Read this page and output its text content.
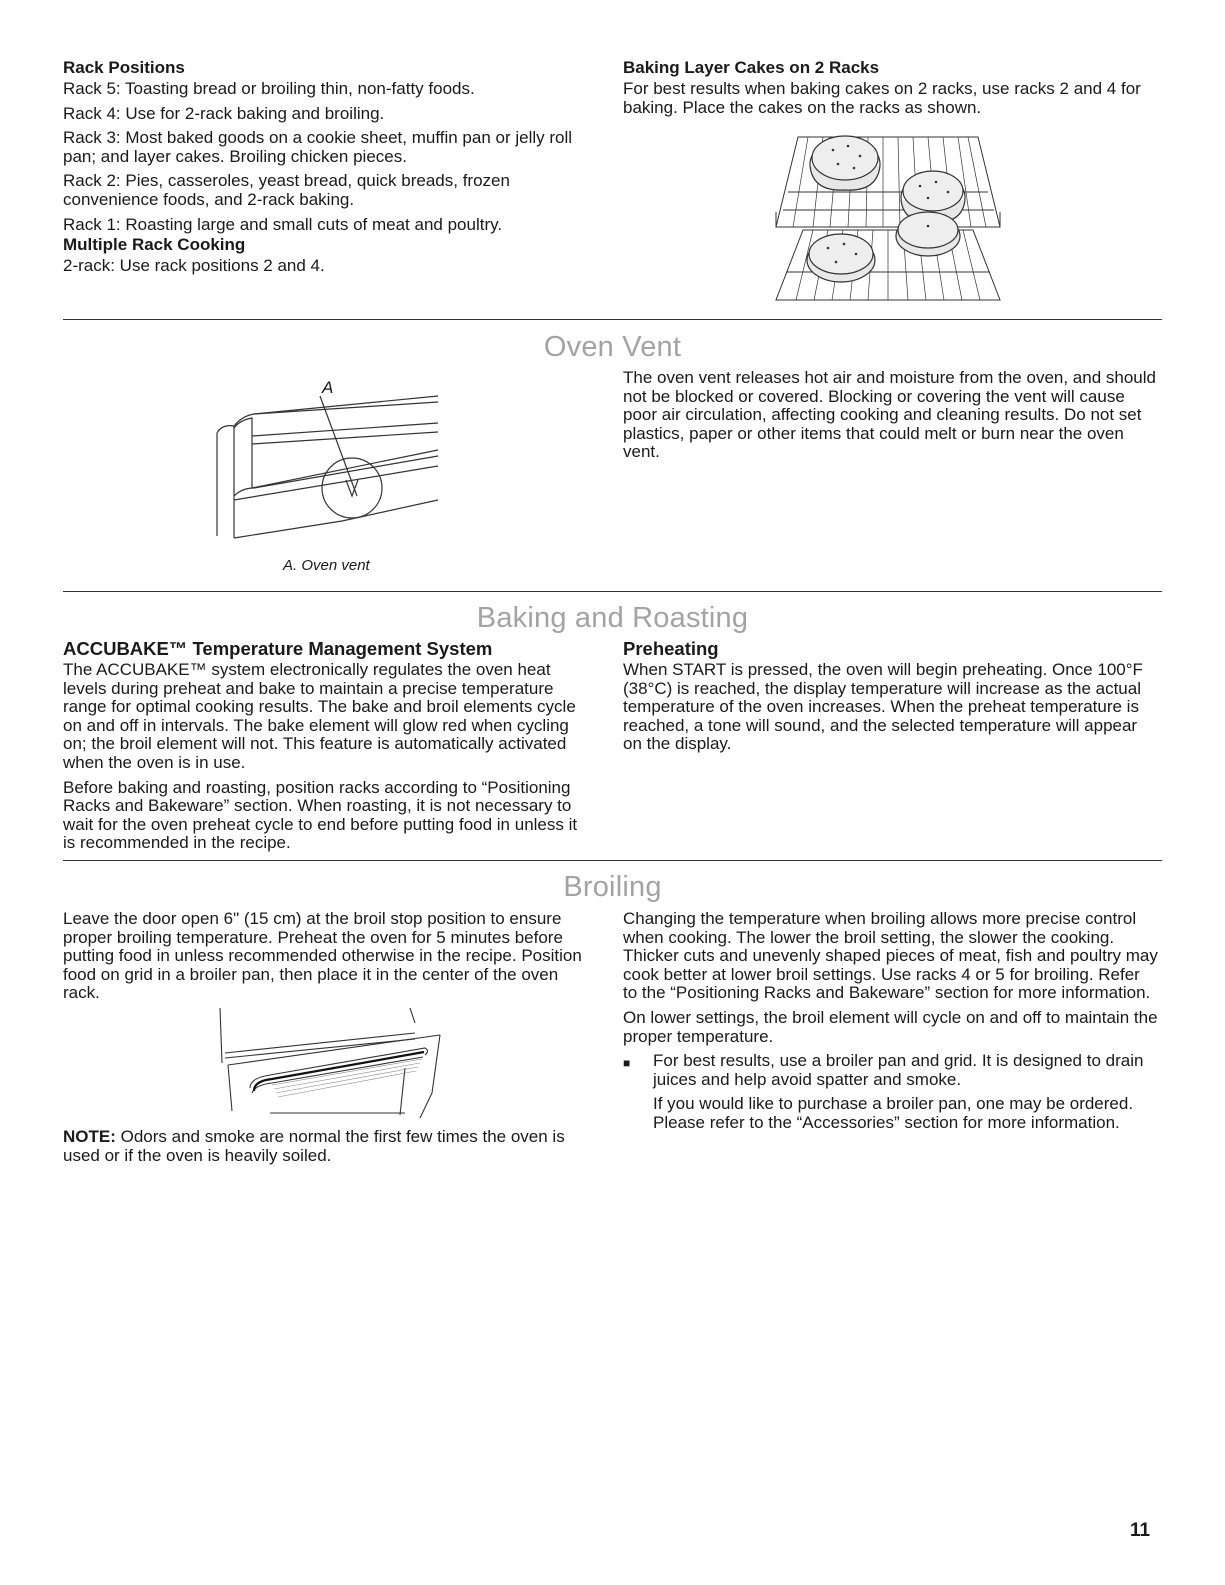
Rack Positions

Rack 5: Toasting bread or broiling thin, non-fatty foods.

Rack 4: Use for 2-rack baking and broiling.

Rack 3: Most baked goods on a cookie sheet, muffin pan or jelly roll pan; and layer cakes. Broiling chicken pieces.

Rack 2: Pies, casseroles, yeast bread, quick breads, frozen convenience foods, and 2-rack baking.

Rack 1: Roasting large and small cuts of meat and poultry.

Multiple Rack Cooking

2-rack: Use rack positions 2 and 4.

Baking Layer Cakes on 2 Racks

For best results when baking cakes on 2 racks, use racks 2 and 4 for baking. Place the cakes on the racks as shown.

Oven Vent
A
A. Oven vent

The oven vent releases hot air and moisture from the oven, and should not be blocked or covered. Blocking or covering the vent will cause poor air circulation, affecting cooking and cleaning results. Do not set plastics, paper or other items that could melt or burn near the oven vent.

Baking and Roasting
ACCUBAKE™ Temperature Management System

The ACCUBAKE™ system electronically regulates the oven heat levels during preheat and bake to maintain a precise temperature range for optimal cooking results. The bake and broil elements cycle on and off in intervals. The bake element will glow red when cycling on; the broil element will not. This feature is automatically activated when the oven is in use.

Before baking and roasting, position racks according to “Positioning Racks and Bakeware” section. When roasting, it is not necessary to wait for the oven preheat cycle to end before putting food in unless it is recommended in the recipe.

Preheating

When START is pressed, the oven will begin preheating. Once 100°F (38°C) is reached, the display temperature will increase as the actual temperature of the oven increases. When the preheat temperature is reached, a tone will sound, and the selected temperature will appear on the display.

Broiling

Leave the door open 6" (15 cm) at the broil stop position to ensure proper broiling temperature. Preheat the oven for 5 minutes before putting food in unless recommended otherwise in the recipe. Position food on grid in a broiler pan, then place it in the center of the oven rack.

NOTE: Odors and smoke are normal the first few times the oven is used or if the oven is heavily soiled.

Changing the temperature when broiling allows more precise control when cooking. The lower the broil setting, the slower the cooking. Thicker cuts and unevenly shaped pieces of meat, fish and poultry may cook better at lower broil settings. Use racks 4 or 5 for broiling. Refer to the “Positioning Racks and Bakeware” section for more information.

On lower settings, the broil element will cycle on and off to maintain the proper temperature.

■	For best results, use a broiler pan and grid. It is designed to drain juices and help avoid spatter and smoke.

If you would like to purchase a broiler pan, one may be ordered. Please refer to the “Accessories” section for more information.

11
